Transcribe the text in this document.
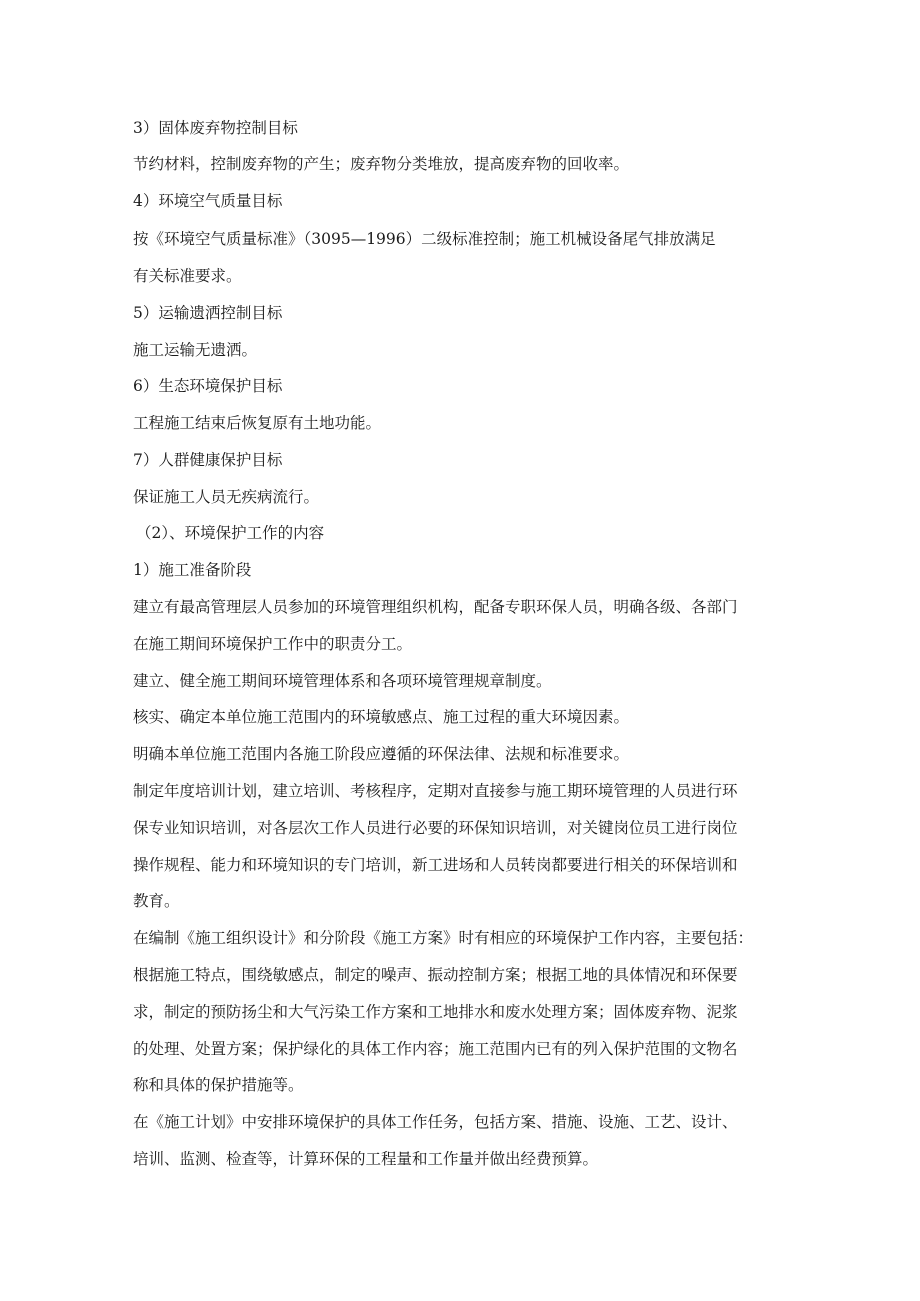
3）固体废弃物控制目标

节约材料，控制废弃物的产生；废弃物分类堆放，提高废弃物的回收率。

4）环境空气质量目标

按《环境空气质量标准》（3095—1996）二级标准控制；施工机械设备尾气排放满足

有关标准要求。

5）运输遗洒控制目标

施工运输无遗洒。

6）生态环境保护目标

工程施工结束后恢复原有土地功能。

7）人群健康保护目标

保证施工人员无疾病流行。

（2）、环境保护工作的内容

1）施工准备阶段

建立有最高管理层人员参加的环境管理组织机构，配备专职环保人员，明确各级、各部门

在施工期间环境保护工作中的职责分工。

建立、健全施工期间环境管理体系和各项环境管理规章制度。

核实、确定本单位施工范围内的环境敏感点、施工过程的重大环境因素。

明确本单位施工范围内各施工阶段应遵循的环保法律、法规和标准要求。

制定年度培训计划，建立培训、考核程序，定期对直接参与施工期环境管理的人员进行环

保专业知识培训，对各层次工作人员进行必要的环保知识培训，对关键岗位员工进行岗位

操作规程、能力和环境知识的专门培训，新工进场和人员转岗都要进行相关的环保培训和

教育。

在编制《施工组织设计》和分阶段《施工方案》时有相应的环境保护工作内容，主要包括：

根据施工特点，围绕敏感点，制定的噪声、振动控制方案；根据工地的具体情况和环保要

求，制定的预防扬尘和大气污染工作方案和工地排水和废水处理方案；固体废弃物、泥浆

的处理、处置方案；保护绿化的具体工作内容；施工范围内已有的列入保护范围的文物名

称和具体的保护措施等。

在《施工计划》中安排环境保护的具体工作任务，包括方案、措施、设施、工艺、设计、

培训、监测、检查等，计算环保的工程量和工作量并做出经费预算。
